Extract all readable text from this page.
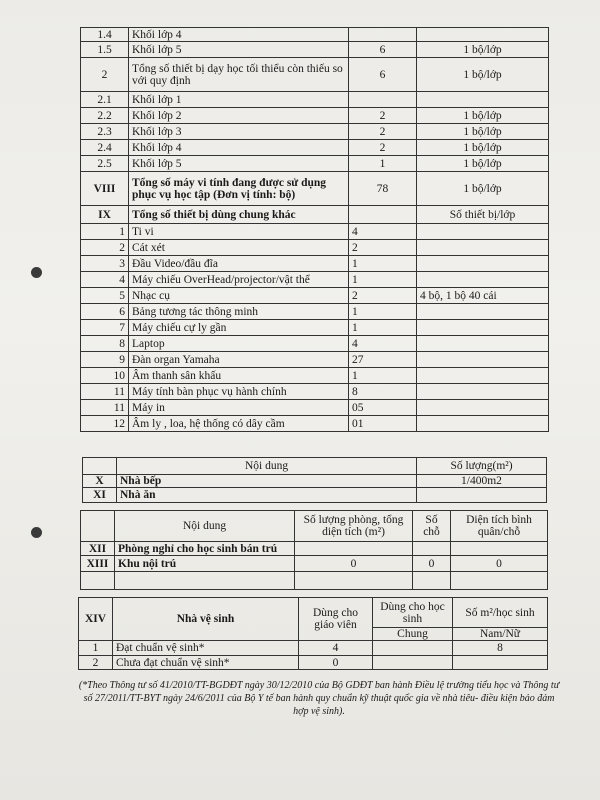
1.4	Khối lớp 4		
1.5	Khối lớp 5	6	1 bộ/lớp
2	Tổng số thiết bị dạy học tối thiểu còn thiếu so với quy định	6	1 bộ/lớp
2.1	Khối lớp 1		
2.2	Khối lớp 2	2	1 bộ/lớp
2.3	Khối lớp 3	2	1 bộ/lớp
2.4	Khối lớp 4	2	1 bộ/lớp
2.5	Khối lớp 5	1	1 bộ/lớp
VIII	Tổng số máy vi tính đang được sử dụng phục vụ học tập (Đơn vị tính: bộ)	78	1 bộ/lớp
IX	Tổng số thiết bị dùng chung khác		Số thiết bị/lớp
1	Ti vi	4	
2	Cát xét	2	
3	Đầu Video/đầu đĩa	1	
4	Máy chiếu OverHead/projector/vật thể	1	
5	Nhạc cụ	2	4 bộ, 1 bộ 40 cái
6	Bảng tương tác thông minh	1	
7	Máy chiếu cự ly gần	1	
8	Laptop	4	
9	Đàn organ Yamaha	27	
10	Âm thanh sân khấu	1	
11	Máy tính bàn phục vụ hành chính	8	
11	Máy in	05	
12	Âm ly , loa, hệ thống có dây cầm	01	
	Nội dung	Số lượng(m²)
X	Nhà bếp	1/400m2
XI	Nhà ăn	
	Nội dung	Số lượng phòng, tổng diện tích (m²)	Số chỗ	Diện tích bình quân/chỗ
XII	Phòng nghỉ cho học sinh bán trú			
XIII	Khu nội trú	0	0	0

XIV	Nhà vệ sinh	Dùng cho giáo viên	Dùng cho học sinh	Số m²/học sinh
			Chung	Nam/Nữ
1	Đạt chuẩn vệ sinh*	4		8
2	Chưa đạt chuẩn vệ sinh*	0		
(*Theo Thông tư số 41/2010/TT-BGDĐT ngày 30/12/2010 của Bộ GDĐT ban hành Điều lệ trường tiểu học và Thông tư số 27/2011/TT-BYT ngày 24/6/2011 của Bộ Y tế ban hành quy chuẩn kỹ thuật quốc gia về nhà tiêu- điều kiện bảo đảm hợp vệ sinh).
